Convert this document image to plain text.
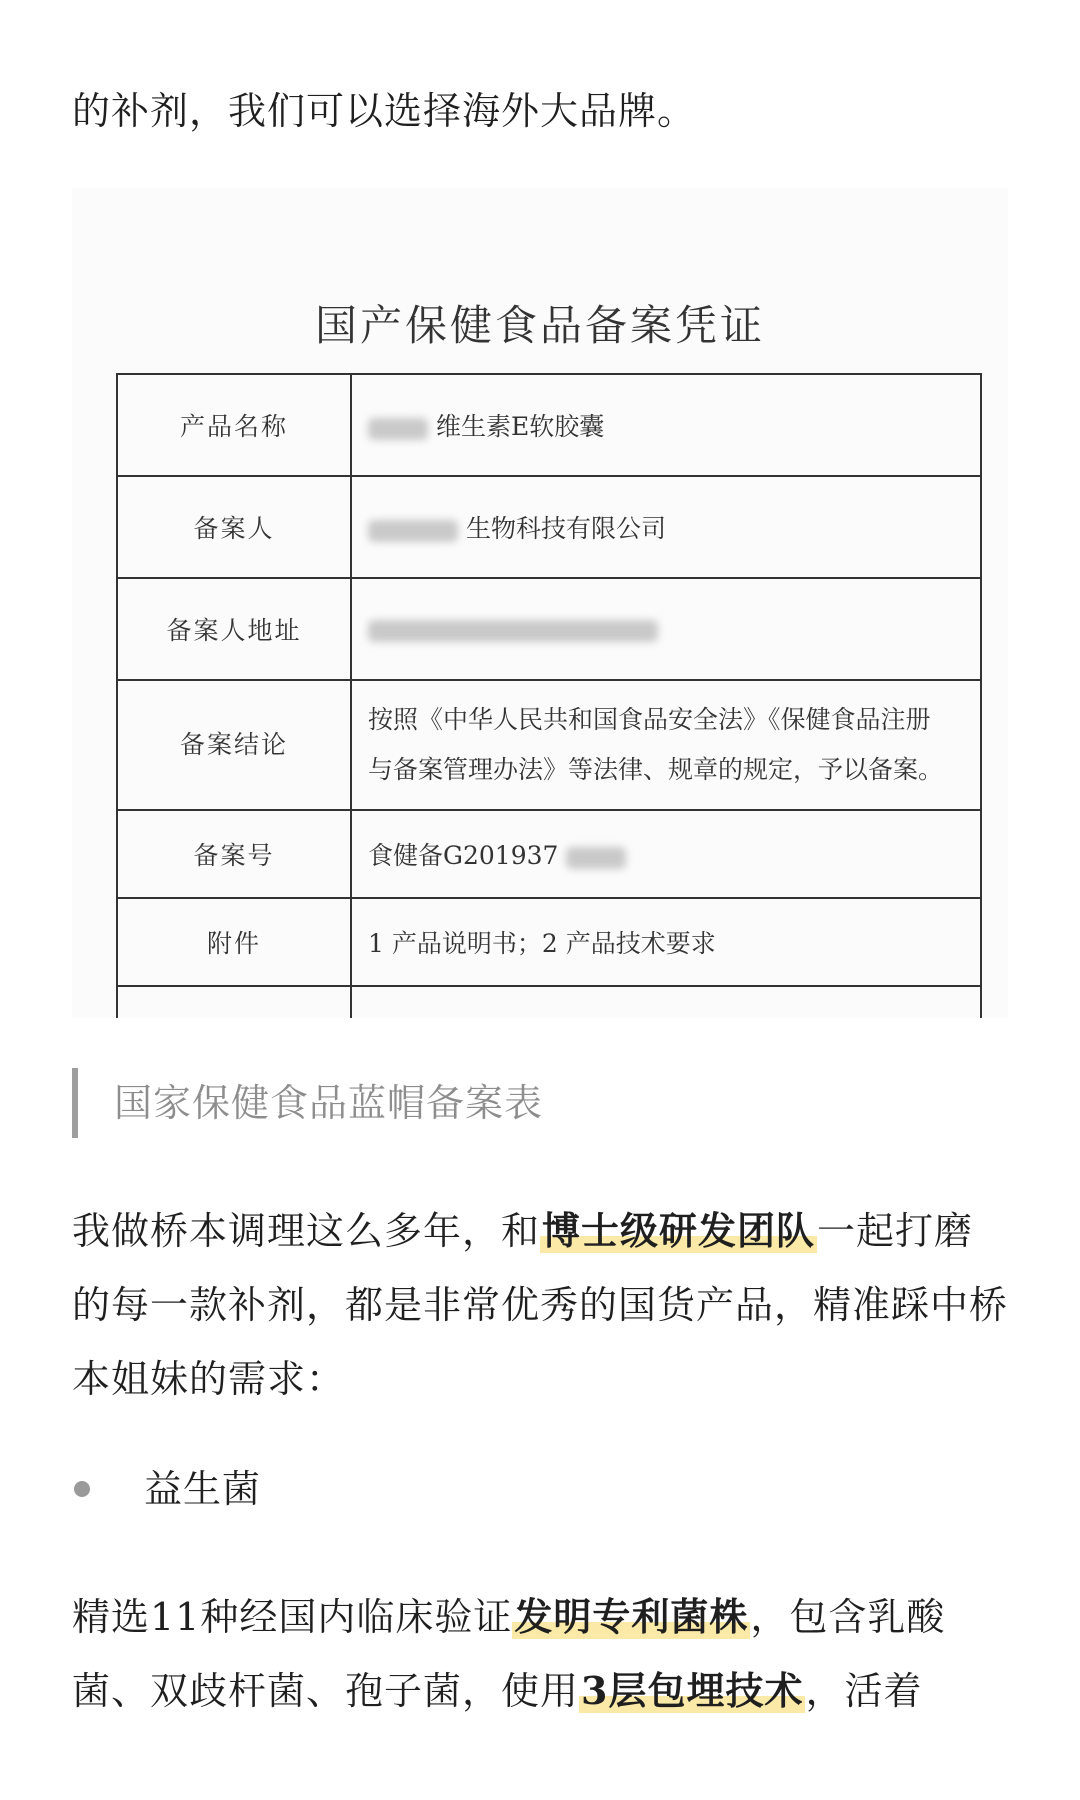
的补剂，我们可以选择海外大品牌。

国产保健食品备案凭证
产品名称	维生素E软胶囊
备案人	生物科技有限公司
备案人地址	
备案结论	按照《中华人民共和国食品安全法》《保健食品注册
与备案管理办法》等法律、规章的规定，予以备案。

备案号	食健备G201937
附件	1 产品说明书；2 产品技术要求

国家保健食品蓝帽备案表

我做桥本调理这么多年，和博士级研发团队一起打磨的每一款补剂，都是非常优秀的国货产品，精准踩中桥本姐妹的需求：

益生菌

精选11种经国内临床验证发明专利菌株，包含乳酸菌、双歧杆菌、孢子菌，使用3层包埋技术，活着
